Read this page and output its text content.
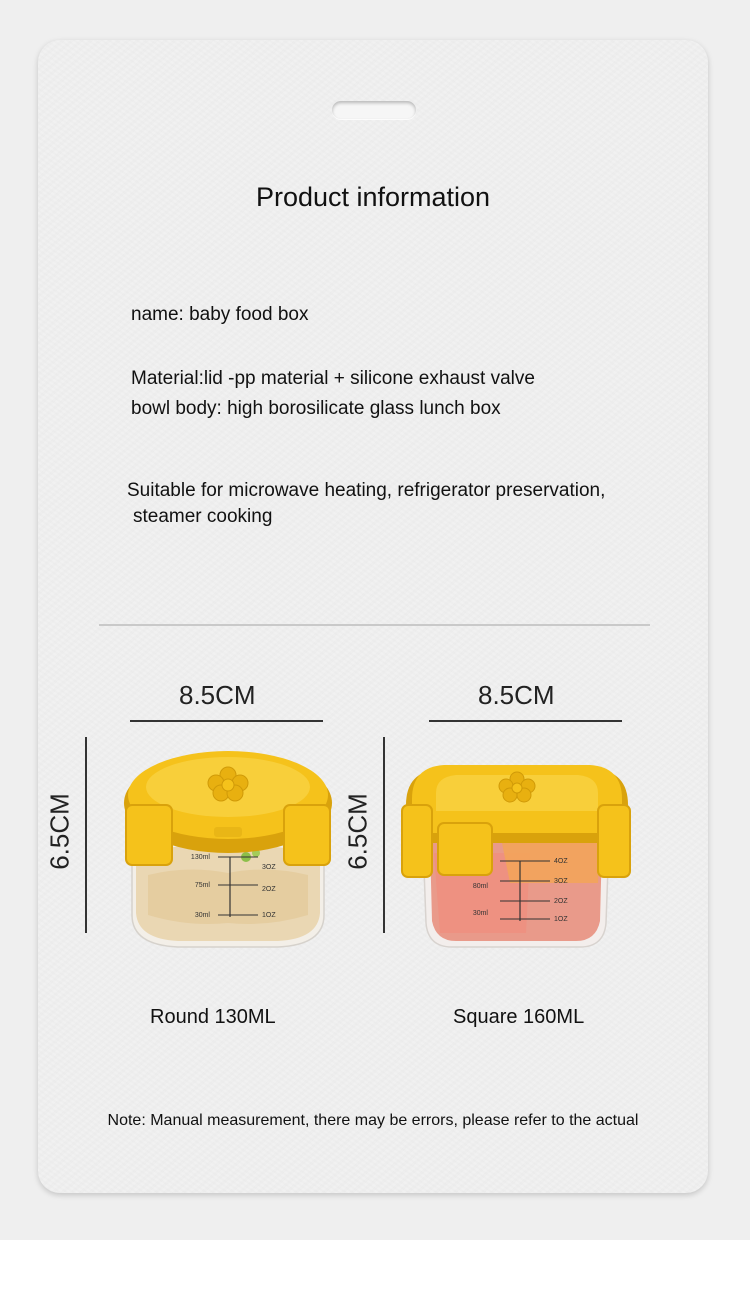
Product information
name: baby food box
Material:lid -pp material + silicone exhaust valve
bowl body: high borosilicate glass lunch box
Suitable for microwave heating, refrigerator preservation,
steamer cooking
8.5CM
6.5CM	130ml
75ml
30ml
3OZ
2OZ
1OZ
Round 130ML
8.5CM
6.5CM
80ml
30ml
4OZ
3OZ
2OZ
1OZ
Square 160ML
Note: Manual measurement, there may be errors, please refer to the actual
